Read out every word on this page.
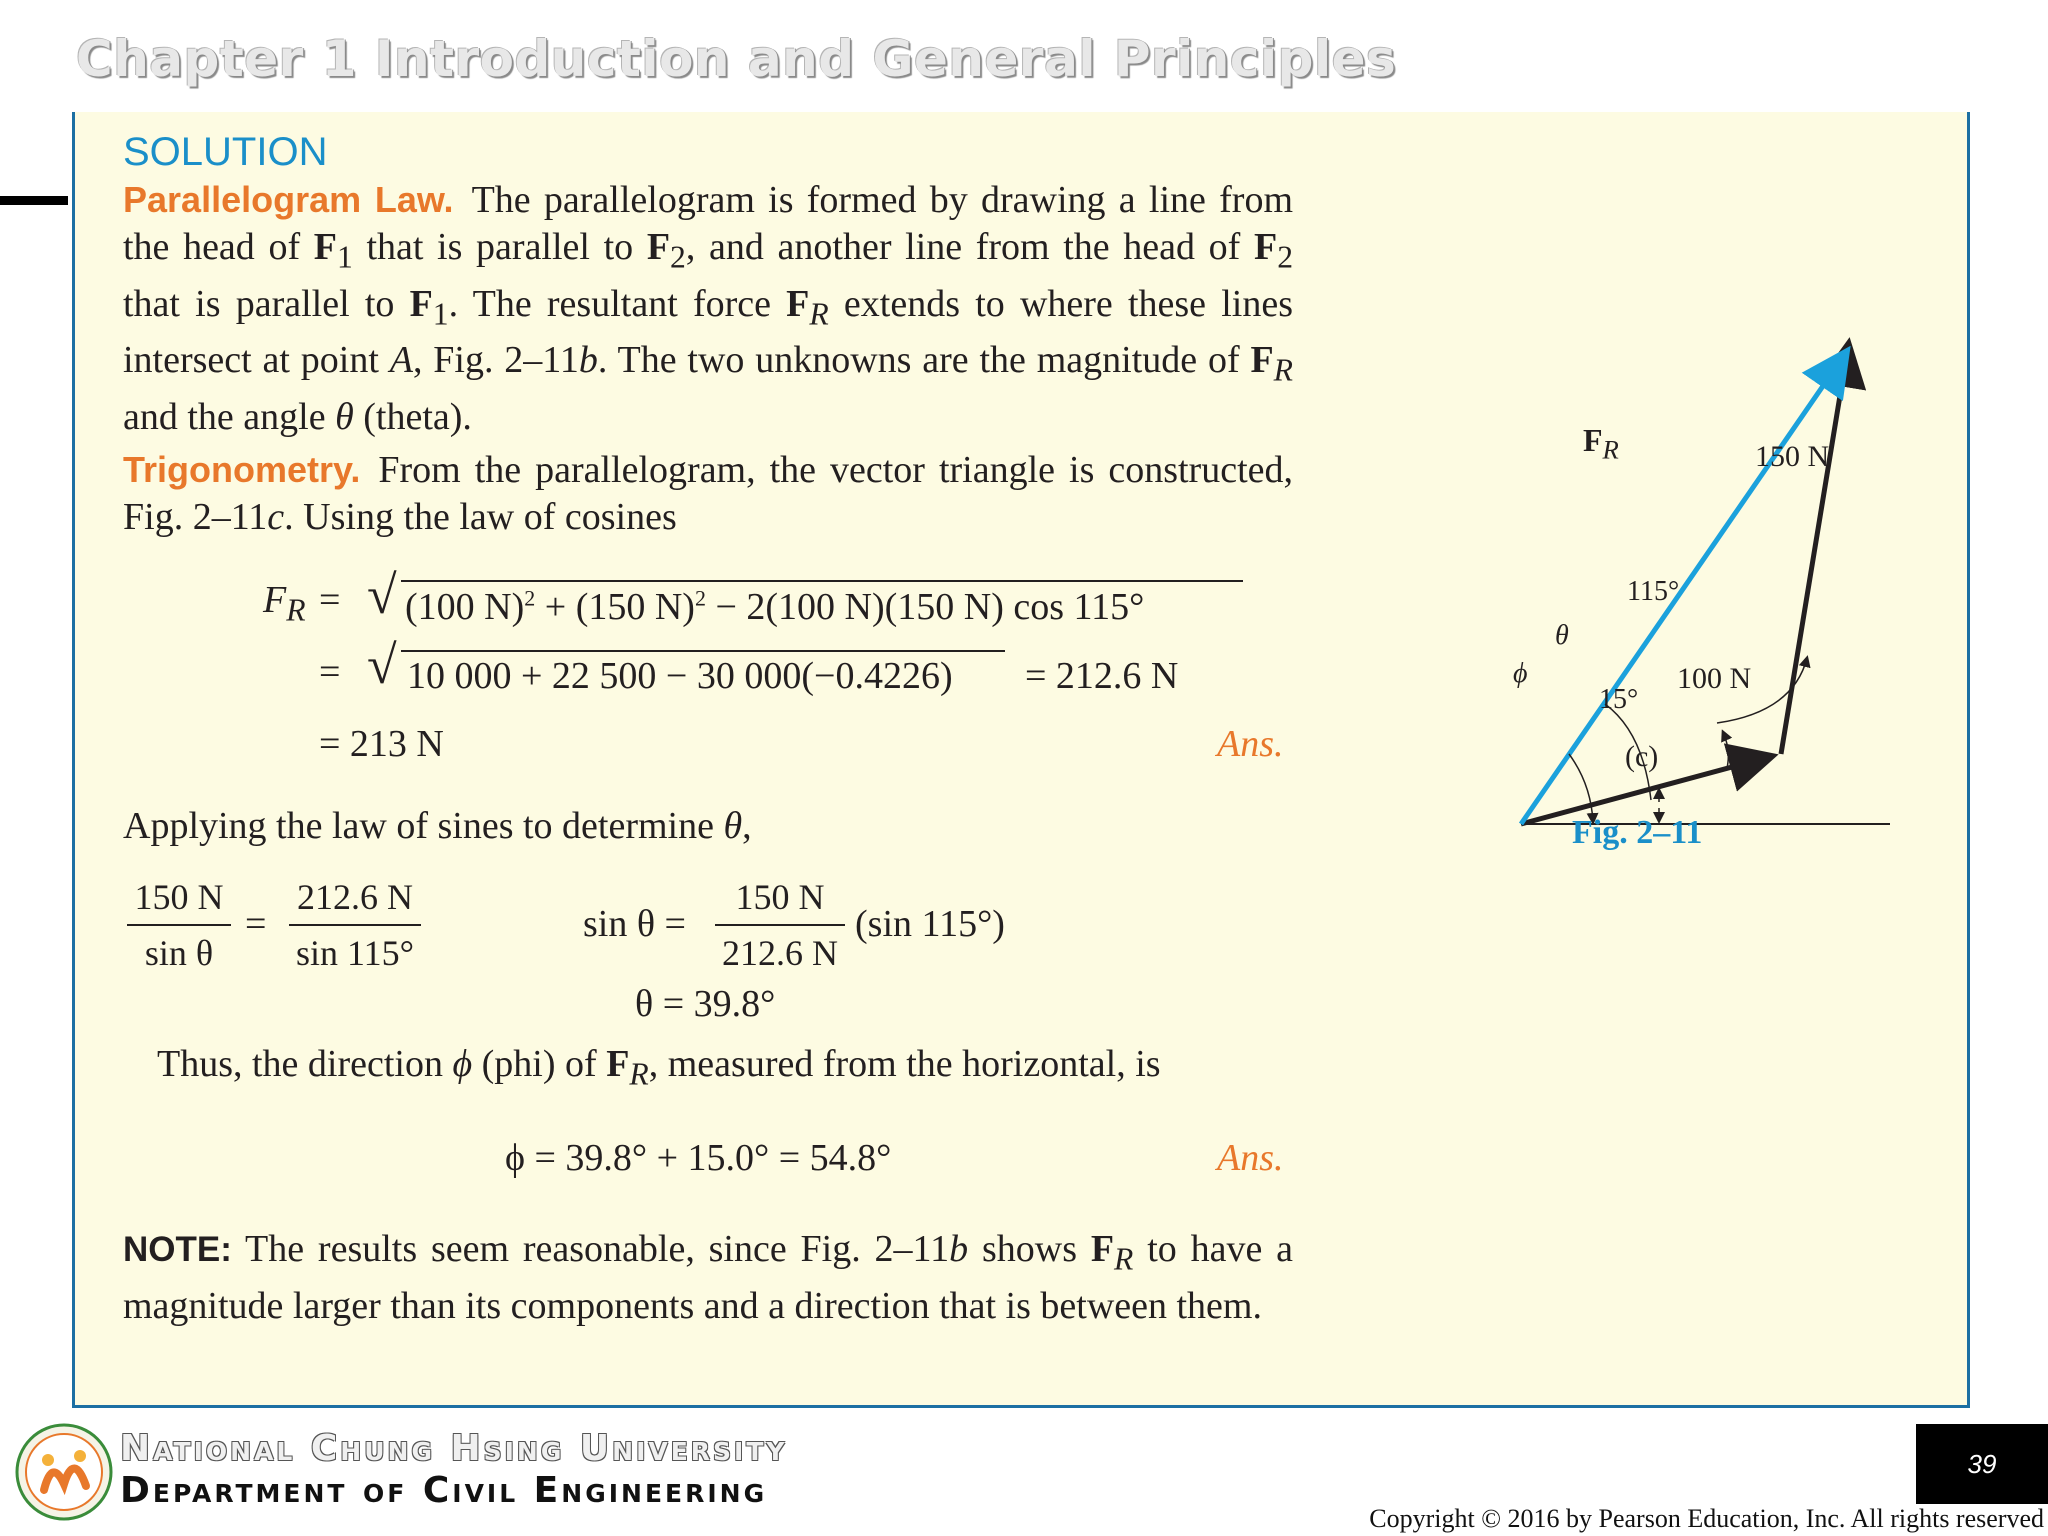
Chapter 1 Introduction and General Principles
SOLUTION

Parallelogram Law. The parallelogram is formed by drawing a line from the head of $F_1$ that is parallel to $F_2$, and another line from the head of $F_2$ that is parallel to $F_1$. The resultant force $F_R$ extends to where these lines intersect at point A, Fig. 2–11b. The two unknowns are the magnitude of $F_R$ and the angle θ (theta).

Trigonometry. From the parallelogram, the vector triangle is constructed, Fig. 2–11c. Using the law of cosines

$F_R$ = √ (100 N)$^2$ + (150 N)$^2$ − 2(100 N)(150 N) cos 115°
= √ 10 000 + 22 500 − 30 000(−0.4226) = 212.6 N
= 213 N	Ans.
Applying the law of sines to determine θ,
$\frac{150 N}{\text{sin θ}} = \frac{212.6 N}{\sin 115^\circ}$	$\sin \theta = \frac{150 N}{212.6 N} (\sin$ 115°)
θ = 39.8°
Thus, the direction ϕ (phi) of $F_R$, measured from the horizontal, is
ϕ = 39.8° + 15.0° = 54.8°	Ans.

NOTE: The results seem reasonable, since Fig. 2–11b shows $F_R$ to have a magnitude larger than its components and a direction that is between them.

$F_R$	150 N
115°
θ
ϕ
15°
100 N
(c)
Fig. 2–11
National Chung Hsing University
Department of Civil Engineering
39
Copyright © 2016 by Pearson Education, Inc. All rights reserved
